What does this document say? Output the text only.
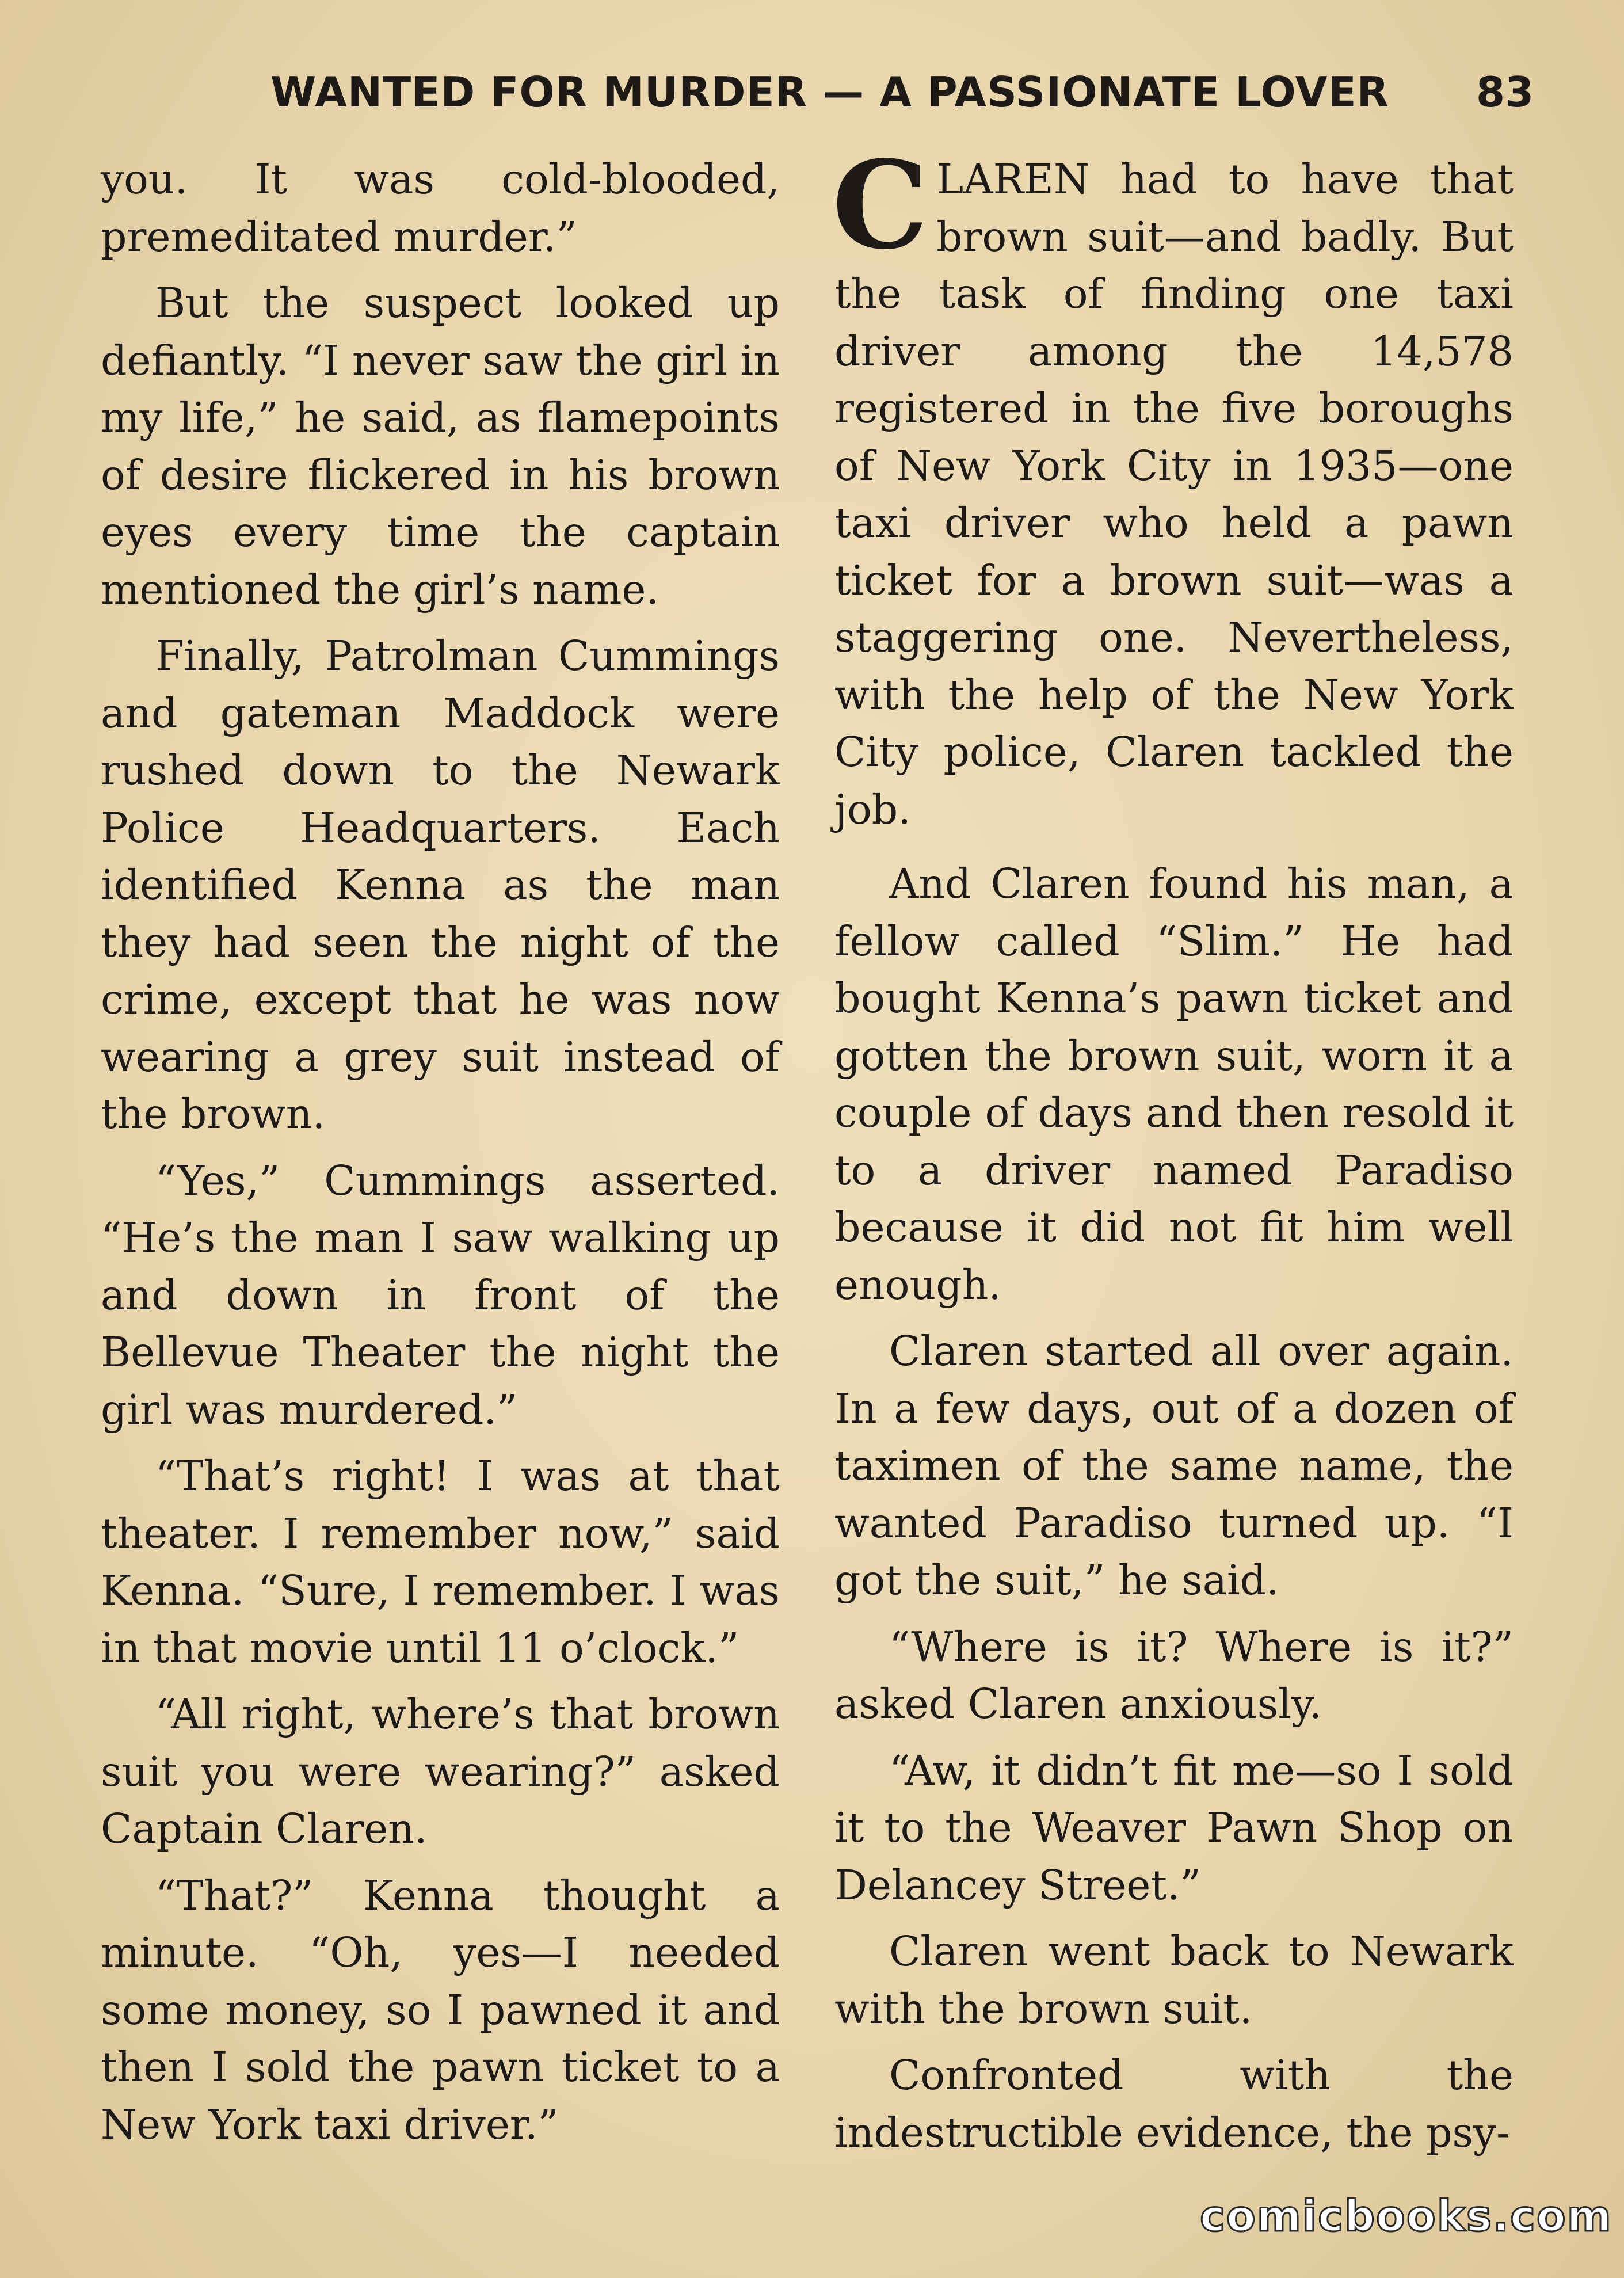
WANTED FOR MURDER — A PASSIONATE LOVER 83

you. It was cold-blooded, premeditated murder.”

But the suspect looked up defiantly. “I never saw the girl in my life,” he said, as flamepoints of desire flickered in his brown eyes every time the captain mentioned the girl’s name.

Finally, Patrolman Cummings and gateman Maddock were rushed down to the Newark Police Headquarters. Each identified Kenna as the man they had seen the night of the crime, except that he was now wearing a grey suit instead of the brown.

“Yes,” Cummings asserted. “He’s the man I saw walking up and down in front of the Bellevue Theater the night the girl was murdered.”

“That’s right! I was at that theater. I remember now,” said Kenna. “Sure, I remember. I was in that movie until 11 o’clock.”

“All right, where’s that brown suit you were wearing?” asked Captain Claren.

“That?” Kenna thought a minute. “Oh, yes—I needed some money, so I pawned it and then I sold the pawn ticket to a New York taxi driver.”

CLAREN had to have that brown suit—and badly. But the task of finding one taxi driver among the 14,578 registered in the five boroughs of New York City in 1935—one taxi driver who held a pawn ticket for a brown suit—was a staggering one. Nevertheless, with the help of the New York City police, Claren tackled the job.

And Claren found his man, a fellow called “Slim.” He had bought Kenna’s pawn ticket and gotten the brown suit, worn it a couple of days and then resold it to a driver named Paradiso because it did not fit him well enough.

Claren started all over again. In a few days, out of a dozen of taximen of the same name, the wanted Paradiso turned up. “I got the suit,” he said.

“Where is it? Where is it?” asked Claren anxiously.

“Aw, it didn’t fit me—so I sold it to the Weaver Pawn Shop on Delancey Street.”

Claren went back to Newark with the brown suit.

Confronted with the indestructible evidence, the psy-

comicbooks.com
